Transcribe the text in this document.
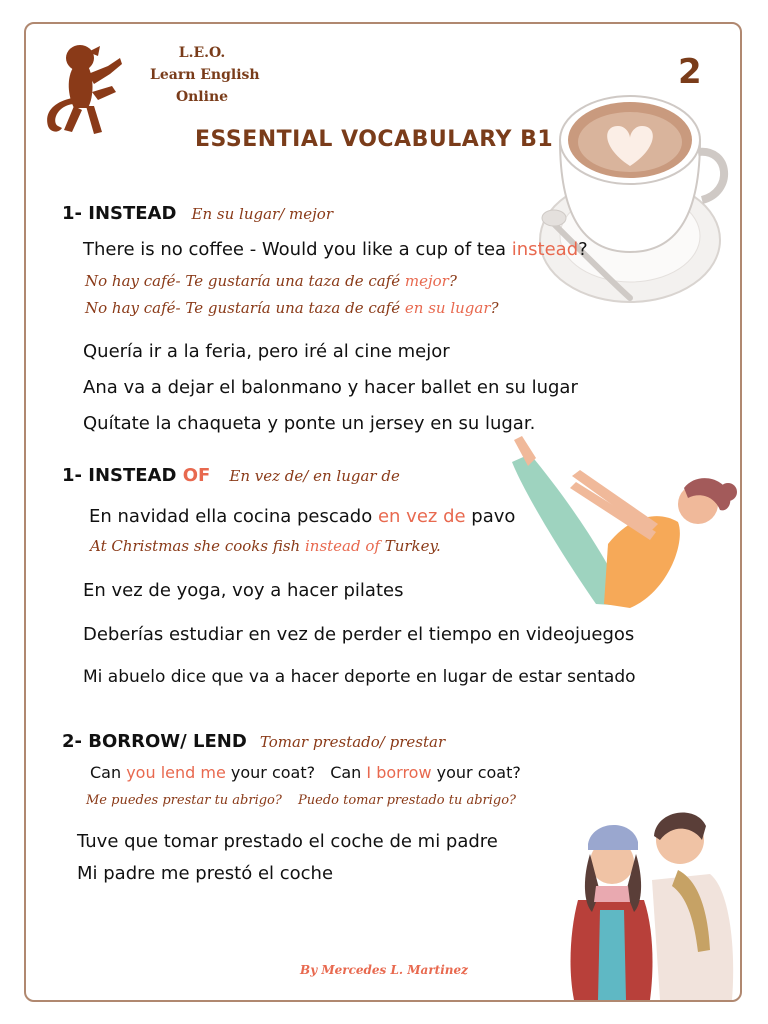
L.E.O.
Learn English
Online
2
ESSENTIAL VOCABULARY B1
1- INSTEAD En su lugar/ mejor
There is no coffee - Would you like a cup of tea instead?
No hay café- Te gustaría una taza de café mejor?
No hay café- Te gustaría una taza de café en su lugar?
Quería ir a la feria, pero iré al cine mejor
Ana va a dejar el balonmano y hacer ballet en su lugar
Quítate la chaqueta y ponte un jersey en su lugar.
1- INSTEAD OF En vez de/ en lugar de
En navidad ella cocina pescado en vez de pavo
At Christmas she cooks fish instead of Turkey.
En vez de yoga, voy a hacer pilates
Deberías estudiar en vez de perder el tiempo en videojuegos
Mi abuelo dice que va a hacer deporte en lugar de estar sentado
2- BORROW/ LEND Tomar prestado/ prestar
Can you lend me your coat? Can I borrow your coat?
Me puedes prestar tu abrigo? Puedo tomar prestado tu abrigo?
Tuve que tomar prestado el coche de mi padre
Mi padre me prestó el coche
By Mercedes L. Martinez
